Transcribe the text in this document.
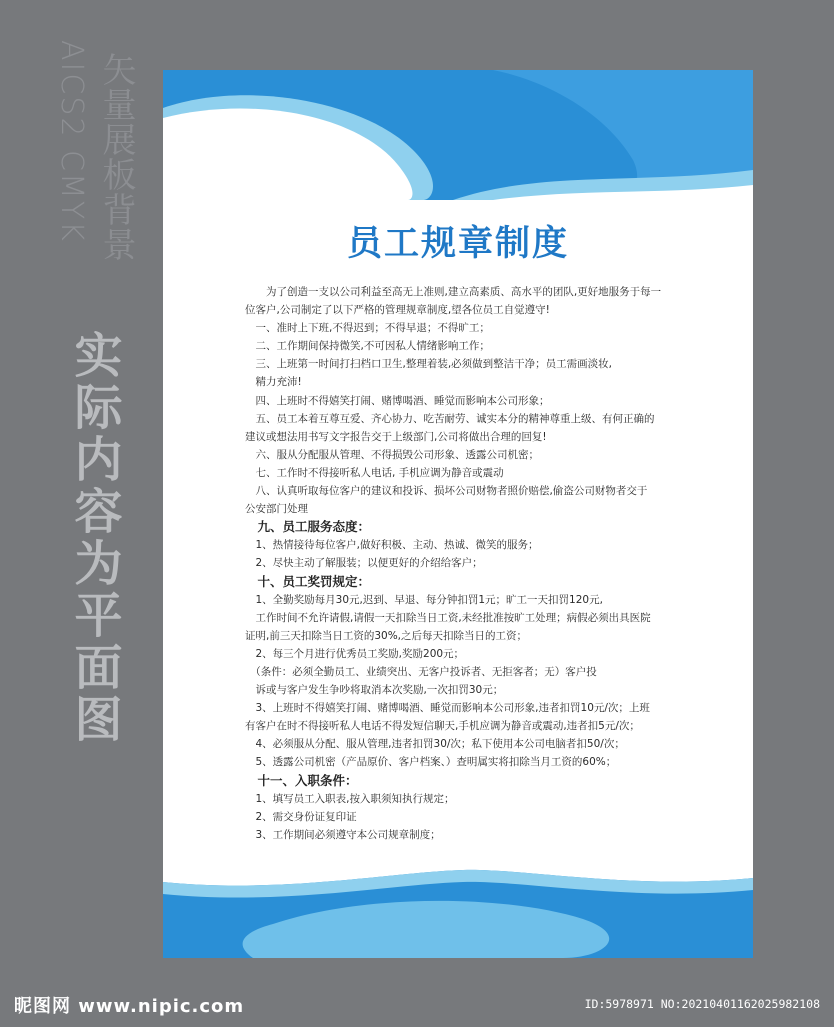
AICS2 CMYK 矢量展板背景
实际内容为平面图
员工规章制度

　　为了创造一支以公司利益至高无上准则,建立高素质、高水平的团队,更好地服务于每一

位客户,公司制定了以下严格的管理规章制度,望各位员工自觉遵守!

　一、准时上下班,不得迟到；不得早退；不得旷工；

　二、工作期间保持微笑,不可因私人情绪影响工作；

　三、上班第一时间打扫档口卫生,整理着装,必须做到整洁干净；员工需画淡妆,

　精力充沛!

　四、上班时不得嬉笑打闹、赌博喝酒、睡觉而影响本公司形象；

　五、员工本着互尊互爱、齐心协力、吃苦耐劳、诚实本分的精神尊重上级、有何正确的

建议或想法用书写文字报告交于上级部门,公司将做出合理的回复!

　六、服从分配服从管理、不得损毁公司形象、透露公司机密；

　七、工作时不得接听私人电话, 手机应调为静音或震动

　八、认真听取每位客户的建议和投诉、损坏公司财物者照价赔偿,偷盗公司财物者交于

公安部门处理

　九、员工服务态度：

　1、热情接待每位客户,做好积极、主动、热诚、微笑的服务；

　2、尽快主动了解服装；以便更好的介绍给客户；

　十、员工奖罚规定：

　1、全勤奖励每月30元,迟到、早退、每分钟扣罚1元；旷工一天扣罚120元,

　工作时间不允许请假,请假一天扣除当日工资,未经批准按旷工处理；病假必须出具医院

证明,前三天扣除当日工资的30%,之后每天扣除当日的工资；

　2、每三个月进行优秀员工奖励,奖励200元；

　（条件：必须全勤员工、业绩突出、无客户投诉者、无拒客者；无）客户投

　诉或与客户发生争吵将取消本次奖励,一次扣罚30元；

　3、上班时不得嬉笑打闹、赌博喝酒、睡觉而影响本公司形象,违者扣罚10元/次；上班

有客户在时不得接听私人电话不得发短信聊天,手机应调为静音或震动,违者扣5元/次；

　4、必须服从分配、服从管理,违者扣罚30/次；私下使用本公司电脑者扣50/次；

　5、透露公司机密（产品原价、客户档案、）查明属实将扣除当月工资的60%；

　十一、入职条件：

　1、填写员工入职表,按入职须知执行规定；

　2、需交身份证复印证

　3、工作期间必须遵守本公司规章制度；

昵图网 www.nipic.com	ID:5978971 NO:20210401162025982108
